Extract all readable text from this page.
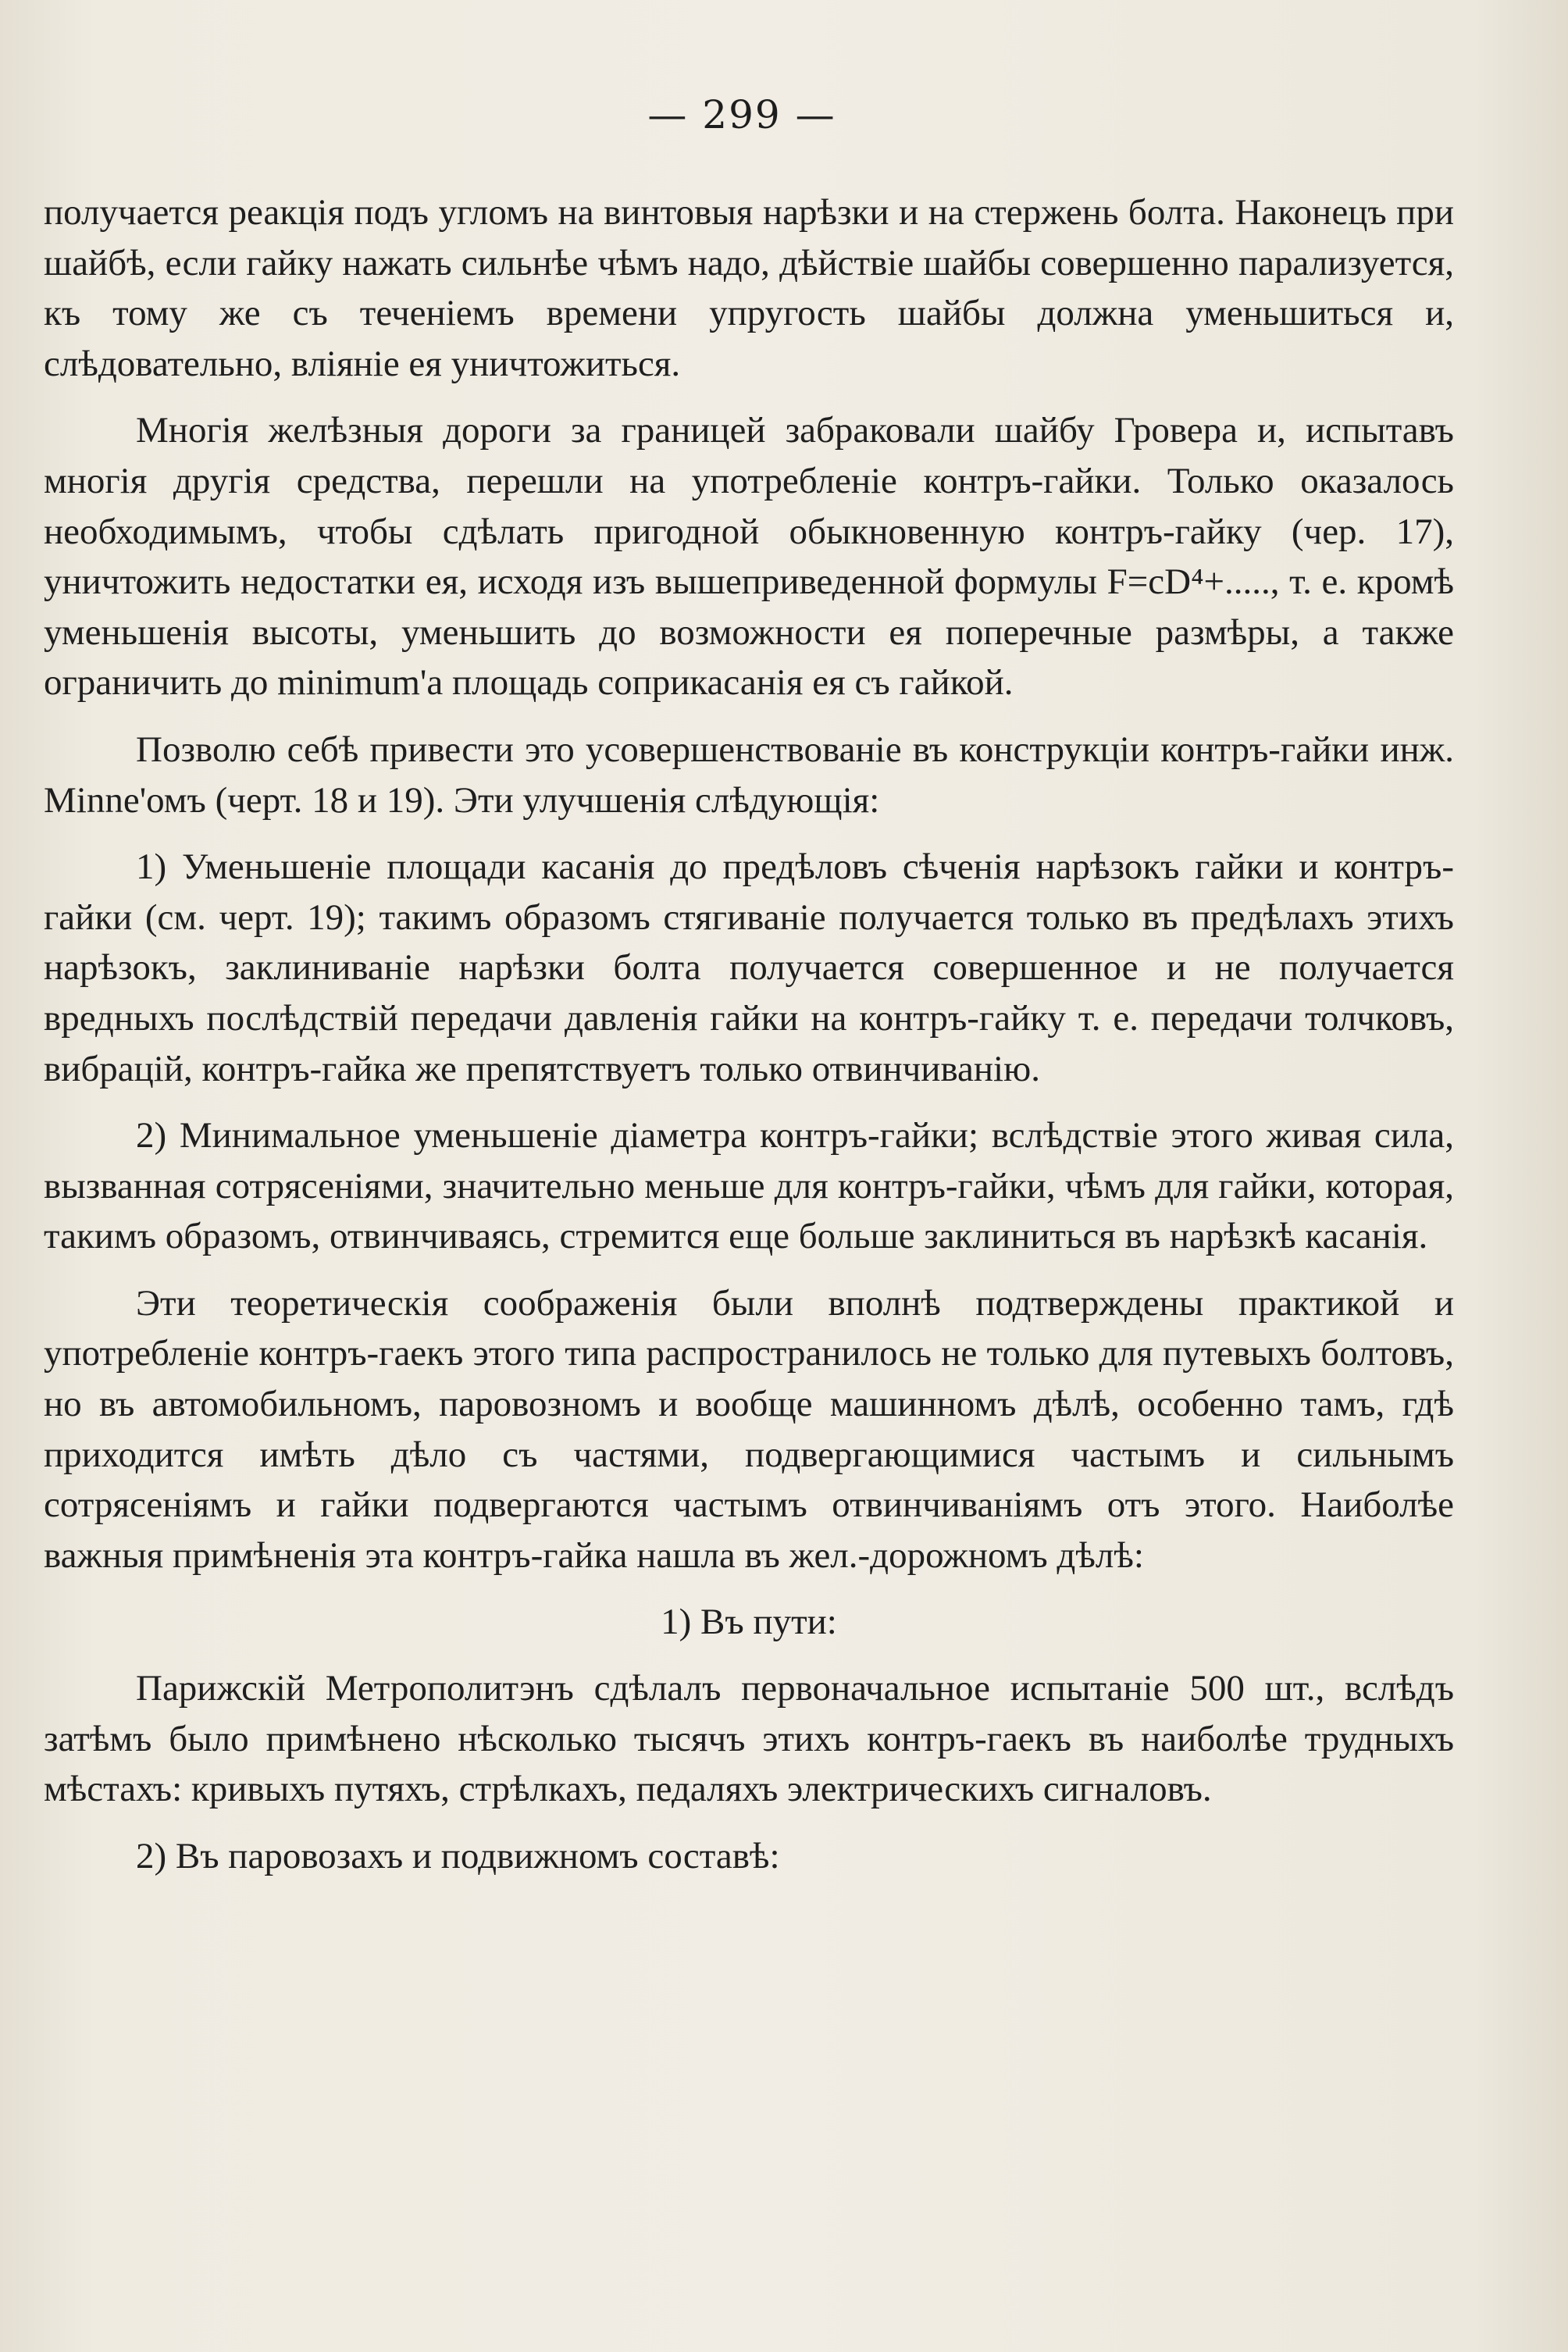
— 299 —

получается реакція подъ угломъ на винтовыя нарѣзки и на стержень болта. Наконецъ при шайбѣ, если гайку нажать сильнѣе чѣмъ надо, дѣйствіе шайбы совершенно парализуется, къ тому же съ теченіемъ времени упругость шайбы должна уменьшиться и, слѣдовательно, вліяніе ея уничтожиться.

Многія желѣзныя дороги за границей забраковали шайбу Гровера и, испытавъ многія другія средства, перешли на употребленіе контръ-гайки. Только оказалось необходимымъ, чтобы сдѣлать пригодной обыкновенную контръ-гайку (чер. 17), уничтожить недостатки ея, исходя изъ вышеприведенной формулы F=cD⁴+....., т. е. кромѣ уменьшенія высоты, уменьшить до возможности ея поперечные размѣры, а также ограничить до minimum'а площадь соприкасанія ея съ гайкой.

Позволю себѣ привести это усовершенствованіе въ конструкціи контръ-гайки инж. Minne'омъ (черт. 18 и 19). Эти улучшенія слѣдующія:

1) Уменьшеніе площади касанія до предѣловъ сѣченія нарѣзокъ гайки и контръ-гайки (см. черт. 19); такимъ образомъ стягиваніе получается только въ предѣлахъ этихъ нарѣзокъ, заклиниваніе нарѣзки болта получается совершенное и не получается вредныхъ послѣдствій передачи давленія гайки на контръ-гайку т. е. передачи толчковъ, вибрацій, контръ-гайка же препятствуетъ только отвинчиванію.

2) Минимальное уменьшеніе діаметра контръ-гайки; вслѣдствіе этого живая сила, вызванная сотрясеніями, значительно меньше для контръ-гайки, чѣмъ для гайки, которая, такимъ образомъ, отвинчиваясь, стремится еще больше заклиниться въ нарѣзкѣ касанія.

Эти теоретическія соображенія были вполнѣ подтверждены практикой и употребленіе контръ-гаекъ этого типа распространилось не только для путевыхъ болтовъ, но въ автомобильномъ, паровозномъ и вообще машинномъ дѣлѣ, особенно тамъ, гдѣ приходится имѣть дѣло съ частями, подвергающимися частымъ и сильнымъ сотрясеніямъ и гайки подвергаются частымъ отвинчиваніямъ отъ этого. Наиболѣе важныя примѣненія эта контръ-гайка нашла въ жел.-дорожномъ дѣлѣ:

1) Въ пути:

Парижскій Метрополитэнъ сдѣлалъ первоначальное испытаніе 500 шт., вслѣдъ затѣмъ было примѣнено нѣсколько тысячъ этихъ контръ-гаекъ въ наиболѣе трудныхъ мѣстахъ: кривыхъ путяхъ, стрѣлкахъ, педаляхъ электрическихъ сигналовъ.

2) Въ паровозахъ и подвижномъ составѣ:
